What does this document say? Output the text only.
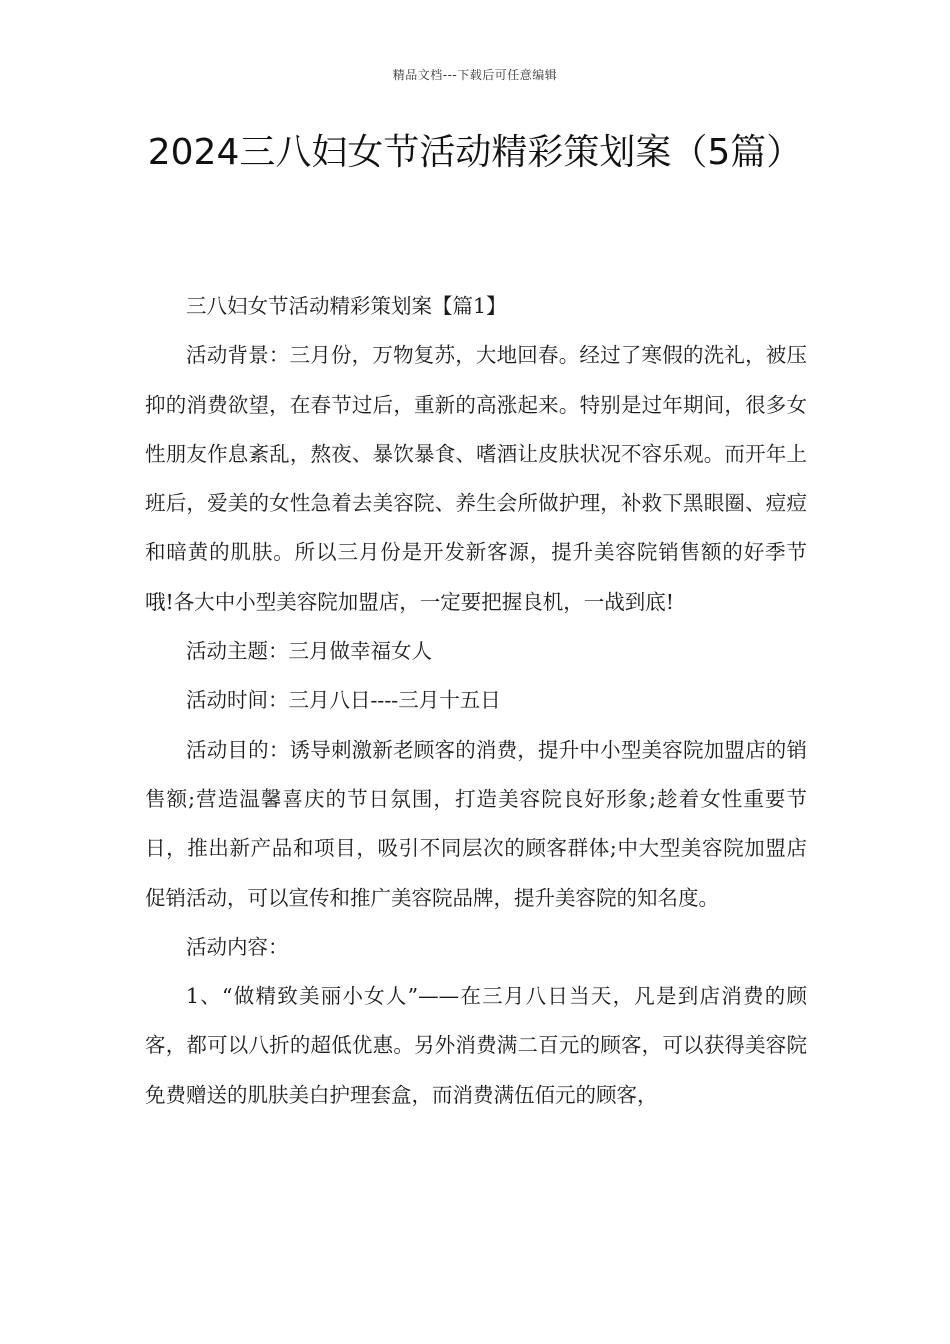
精品文档---下载后可任意编辑
2024三八妇女节活动精彩策划案（5篇）

三八妇女节活动精彩策划案【篇1】

活动背景：三月份，万物复苏，大地回春。经过了寒假的洗礼，被压抑的消费欲望，在春节过后，重新的高涨起来。特别是过年期间，很多女性朋友作息紊乱，熬夜、暴饮暴食、嗜酒让皮肤状况不容乐观。而开年上班后，爱美的女性急着去美容院、养生会所做护理，补救下黑眼圈、痘痘和暗黄的肌肤。所以三月份是开发新客源，提升美容院销售额的好季节哦!各大中小型美容院加盟店，一定要把握良机，一战到底!

活动主题：三月做幸福女人

活动时间：三月八日----三月十五日

活动目的：诱导刺激新老顾客的消费，提升中小型美容院加盟店的销售额;营造温馨喜庆的节日氛围，打造美容院良好形象;趁着女性重要节日，推出新产品和项目，吸引不同层次的顾客群体;中大型美容院加盟店促销活动，可以宣传和推广美容院品牌，提升美容院的知名度。

活动内容：

1、“做精致美丽小女人”——在三月八日当天，凡是到店消费的顾客，都可以八折的超低优惠。另外消费满二百元的顾客，可以获得美容院免费赠送的肌肤美白护理套盒，而消费满伍佰元的顾客，
